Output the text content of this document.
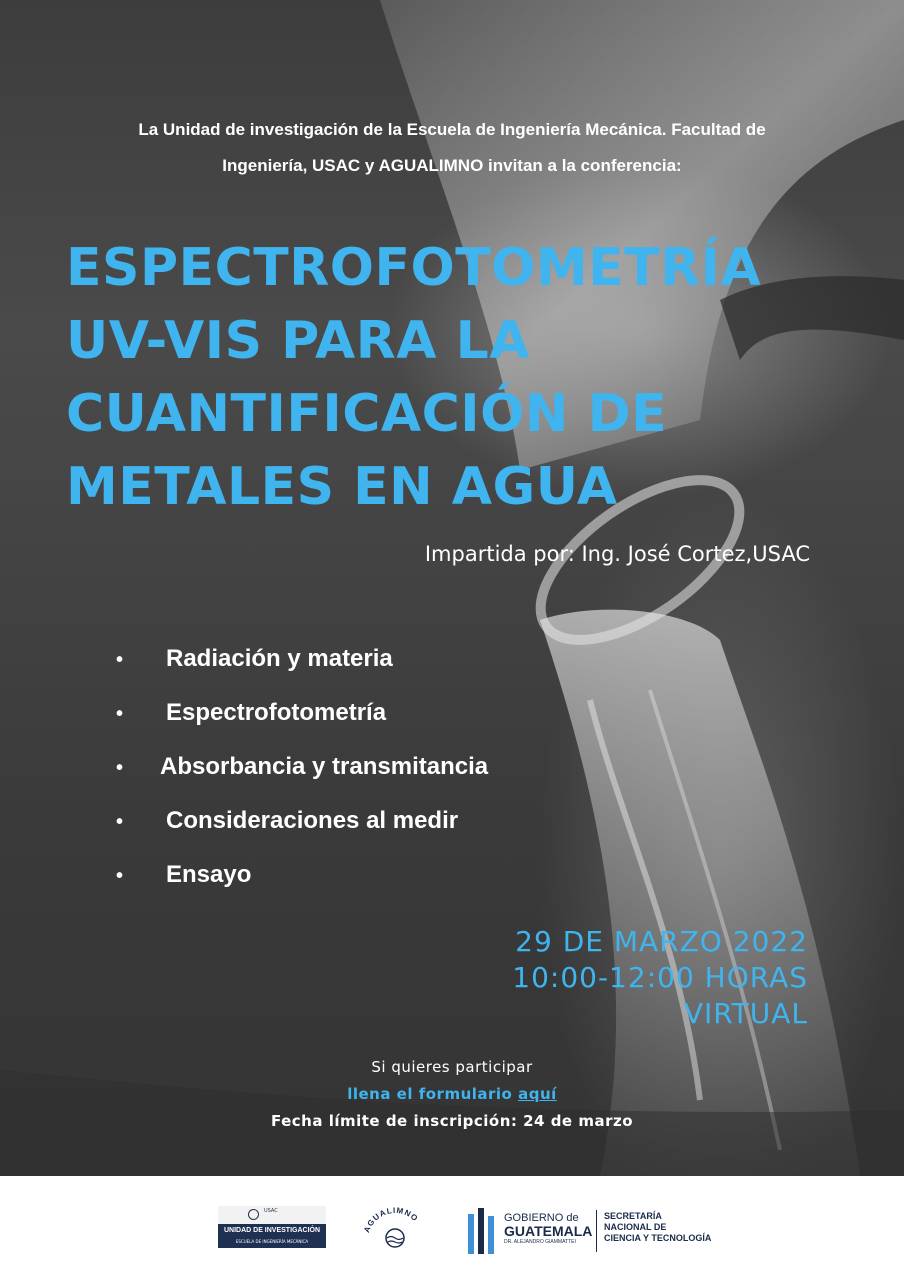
La Unidad de investigación de la Escuela de Ingeniería Mecánica. Facultad de
Ingeniería, USAC y AGUALIMNO invitan a la conferencia:
ESPECTROFOTOMETRÍA
UV-VIS PARA LA
CUANTIFICACIÓN DE
METALES EN AGUA
Impartida por: Ing. José Cortez,USAC
• Radiación y materia
• Espectrofotometría
• Absorbancia y transmitancia
• Consideraciones al medir
• Ensayo
29 DE MARZO 2022
10:00-12:00 HORAS
VIRTUAL
Si quieres participar
llena el formulario aquí
Fecha límite de inscripción: 24 de marzo
USAC
UNIDAD DE INVESTIGACIÓN
ESCUELA DE INGENIERÍA MECÁNICA
AGUALIMNO	GOBIERNO de
GUATEMALA
DR. ALEJANDRO GIAMMATTEI
SECRETARÍA
NACIONAL DE
CIENCIA Y TECNOLOGÍA
